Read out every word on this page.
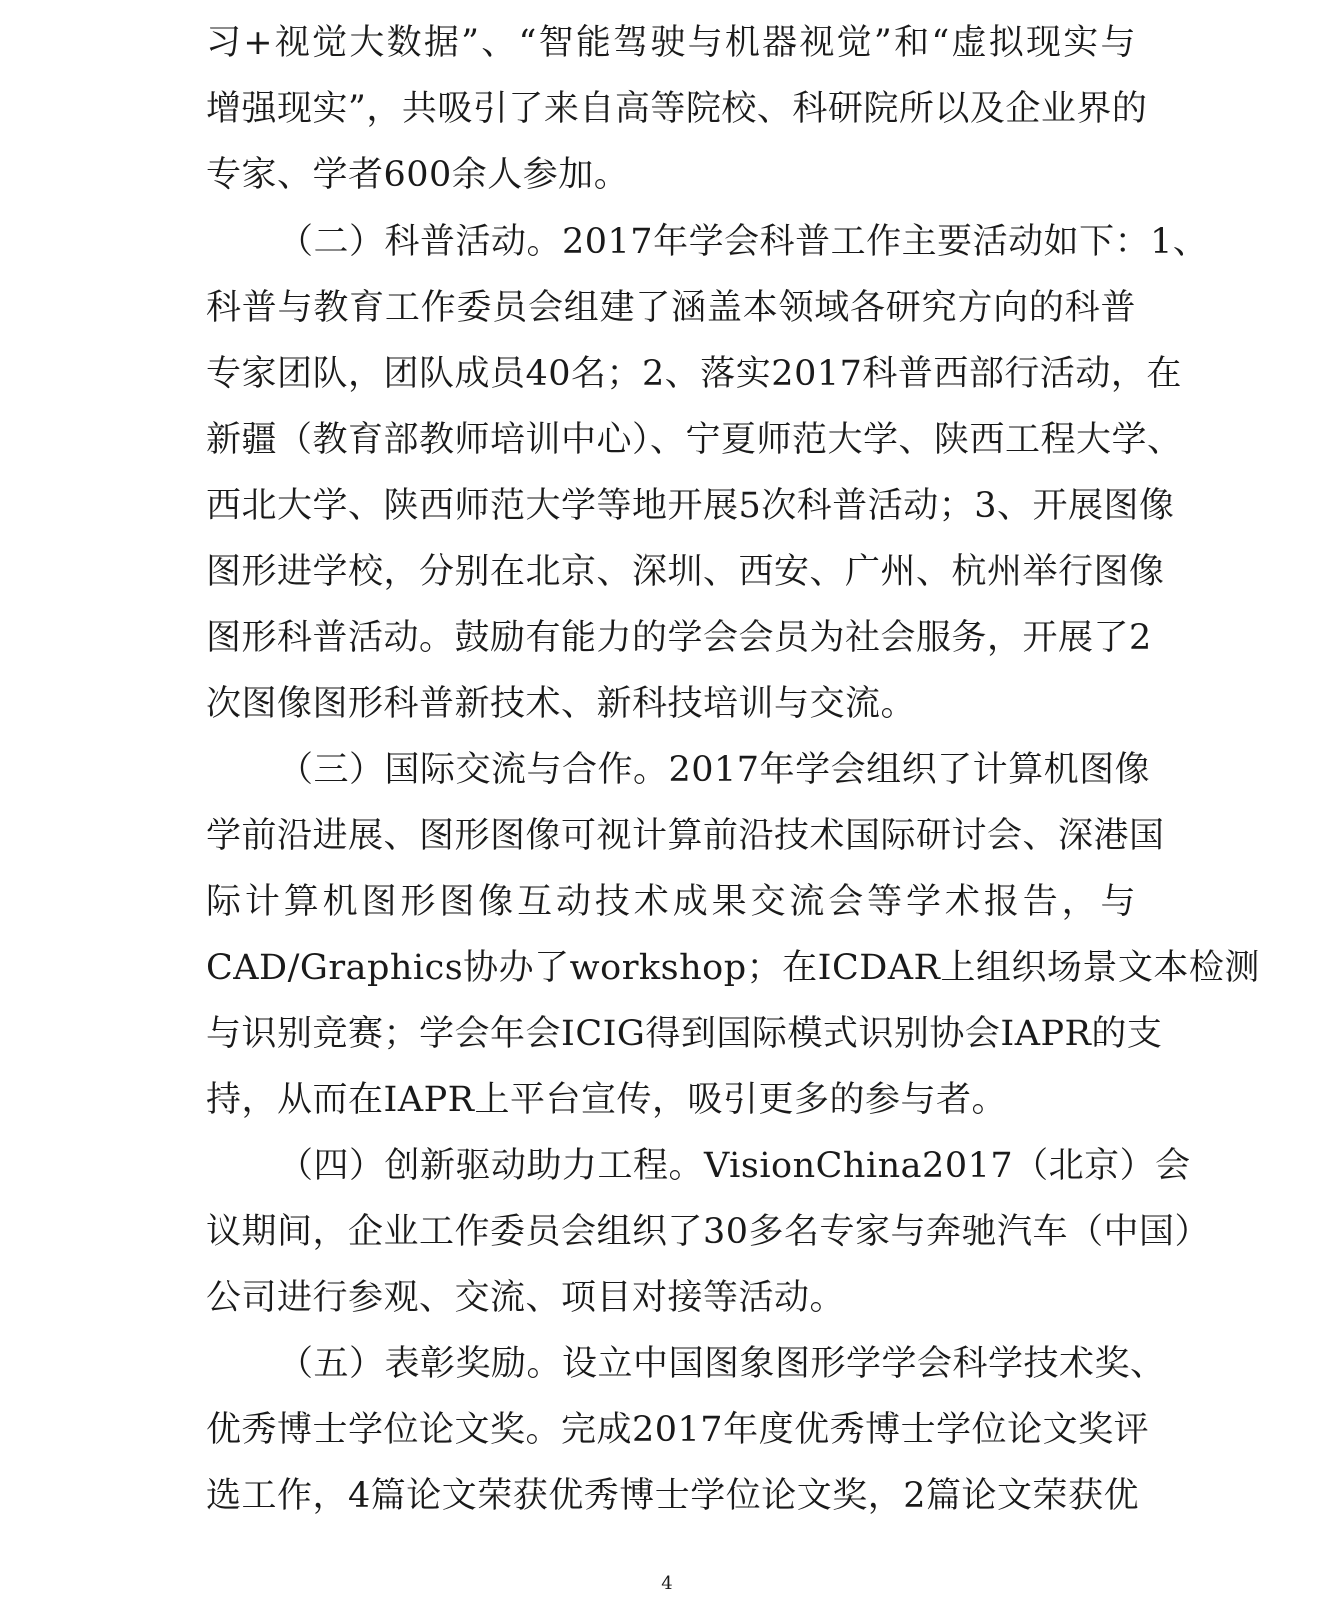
习+视觉大数据”、“智能驾驶与机器视觉”和“虚拟现实与
增强现实”，共吸引了来自高等院校、科研院所以及企业界的
专家、学者600余人参加。
（二）科普活动。2017年学会科普工作主要活动如下：1、
科普与教育工作委员会组建了涵盖本领域各研究方向的科普
专家团队，团队成员40名；2、落实2017科普西部行活动，在
新疆（教育部教师培训中心）、宁夏师范大学、陕西工程大学、
西北大学、陕西师范大学等地开展5次科普活动；3、开展图像
图形进学校，分别在北京、深圳、西安、广州、杭州举行图像
图形科普活动。鼓励有能力的学会会员为社会服务，开展了2
次图像图形科普新技术、新科技培训与交流。
（三）国际交流与合作。2017年学会组织了计算机图像
学前沿进展、图形图像可视计算前沿技术国际研讨会、深港国
际计算机图形图像互动技术成果交流会等学术报告，与
CAD/Graphics协办了workshop；在ICDAR上组织场景文本检测
与识别竞赛；学会年会ICIG得到国际模式识别协会IAPR的支
持，从而在IAPR上平台宣传，吸引更多的参与者。
（四）创新驱动助力工程。VisionChina2017（北京）会
议期间，企业工作委员会组织了30多名专家与奔驰汽车（中国）
公司进行参观、交流、项目对接等活动。
（五）表彰奖励。设立中国图象图形学学会科学技术奖、
优秀博士学位论文奖。完成2017年度优秀博士学位论文奖评
选工作，4篇论文荣获优秀博士学位论文奖，2篇论文荣获优
4
